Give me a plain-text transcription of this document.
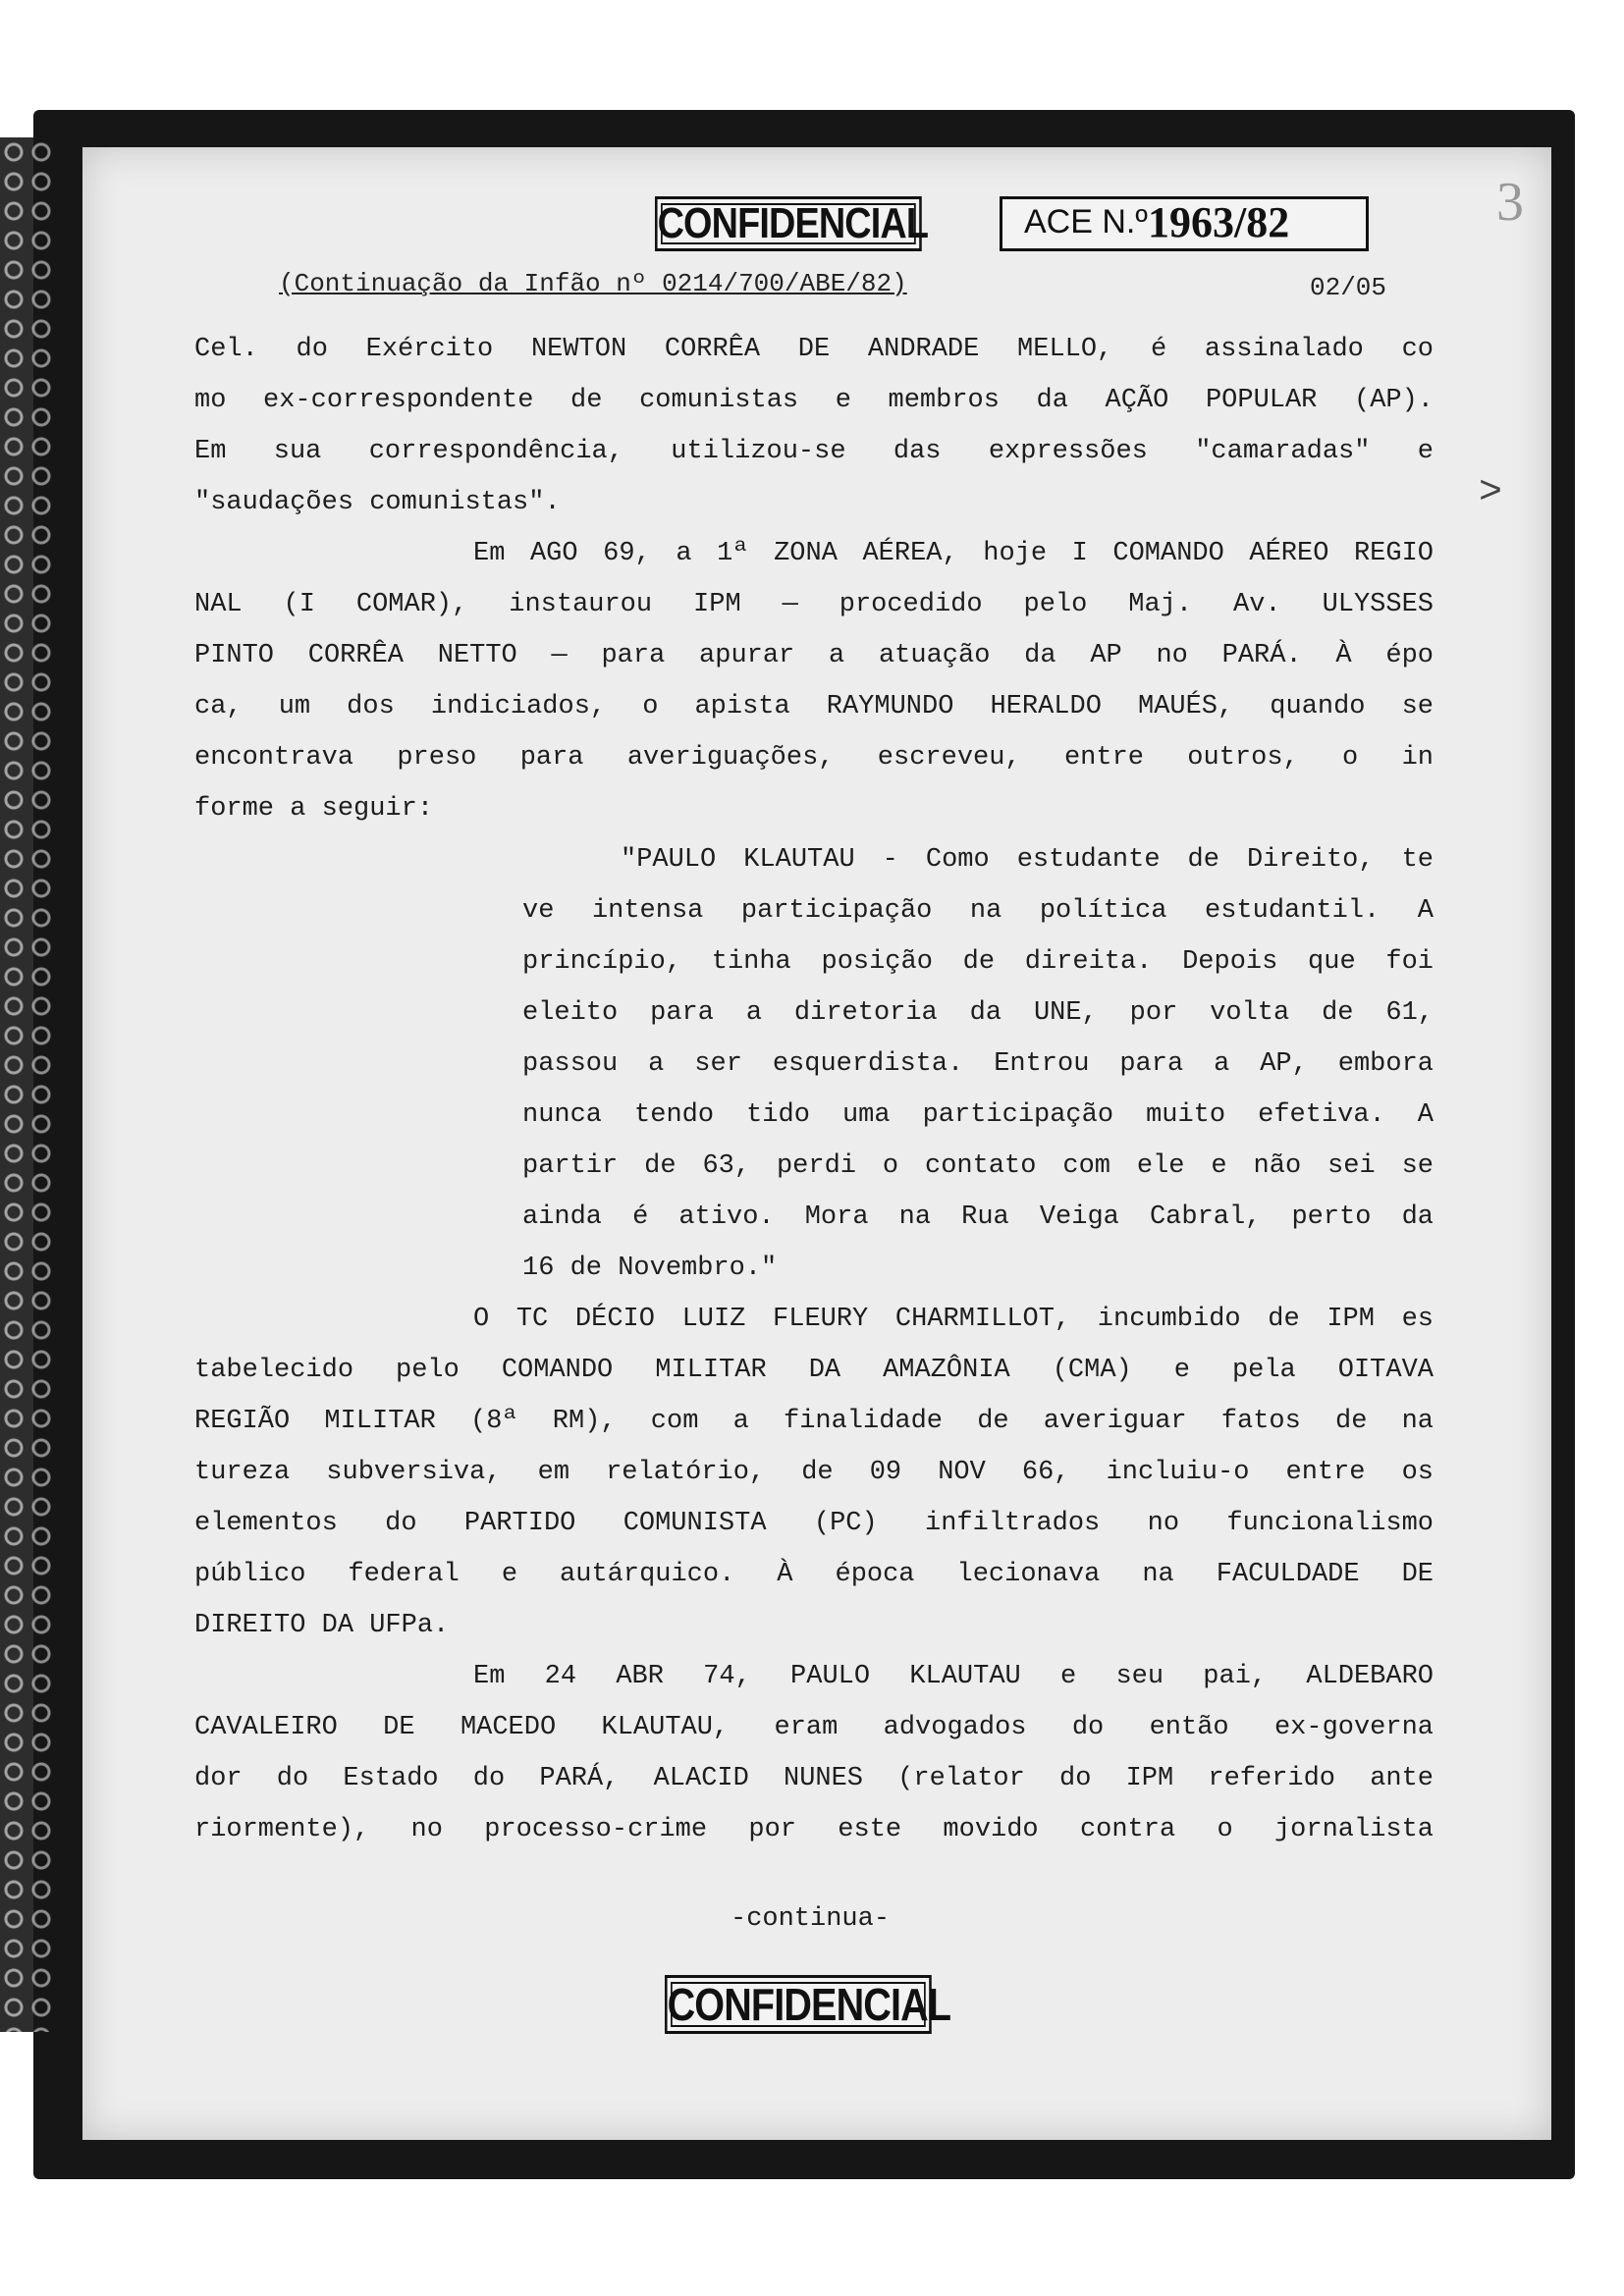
CONFIDENCIAL	ACE N.º 1963/82	3
>
(Continuação da Infão nº 0214/700/ABE/82)	02/05
Cel. do Exército NEWTON CORRÊA DE ANDRADE MELLO, é assinalado co
mo ex-correspondente de comunistas e membros da AÇÃO POPULAR (AP).
Em sua correspondência, utilizou-se das expressões "camaradas" e
"saudações comunistas".
Em AGO 69, a 1ª ZONA AÉREA, hoje I COMANDO AÉREO REGIO
NAL (I COMAR), instaurou IPM — procedido pelo Maj. Av. ULYSSES
PINTO CORRÊA NETTO — para apurar a atuação da AP no PARÁ. À épo
ca, um dos indiciados, o apista RAYMUNDO HERALDO MAUÉS, quando se
encontrava preso para averiguações, escreveu, entre outros, o in
forme a seguir:
"PAULO KLAUTAU - Como estudante de Direito, te
ve intensa participação na política estudantil. A
princípio, tinha posição de direita. Depois que foi
eleito para a diretoria da UNE, por volta de 61,
passou a ser esquerdista. Entrou para a AP, embora
nunca tendo tido uma participação muito efetiva. A
partir de 63, perdi o contato com ele e não sei se
ainda é ativo. Mora na Rua Veiga Cabral, perto da
16 de Novembro."
O TC DÉCIO LUIZ FLEURY CHARMILLOT, incumbido de IPM es
tabelecido pelo COMANDO MILITAR DA AMAZÔNIA (CMA) e pela OITAVA
REGIÃO MILITAR (8ª RM), com a finalidade de averiguar fatos de na
tureza subversiva, em relatório, de 09 NOV 66, incluiu-o entre os
elementos do PARTIDO COMUNISTA (PC) infiltrados no funcionalismo
público federal e autárquico. À época lecionava na FACULDADE DE
DIREITO DA UFPa.
Em 24 ABR 74, PAULO KLAUTAU e seu pai, ALDEBARO
CAVALEIRO DE MACEDO KLAUTAU, eram advogados do então ex-governa
dor do Estado do PARÁ, ALACID NUNES (relator do IPM referido ante
riormente), no processo-crime por este movido contra o jornalista
-continua-
CONFIDENCIAL
